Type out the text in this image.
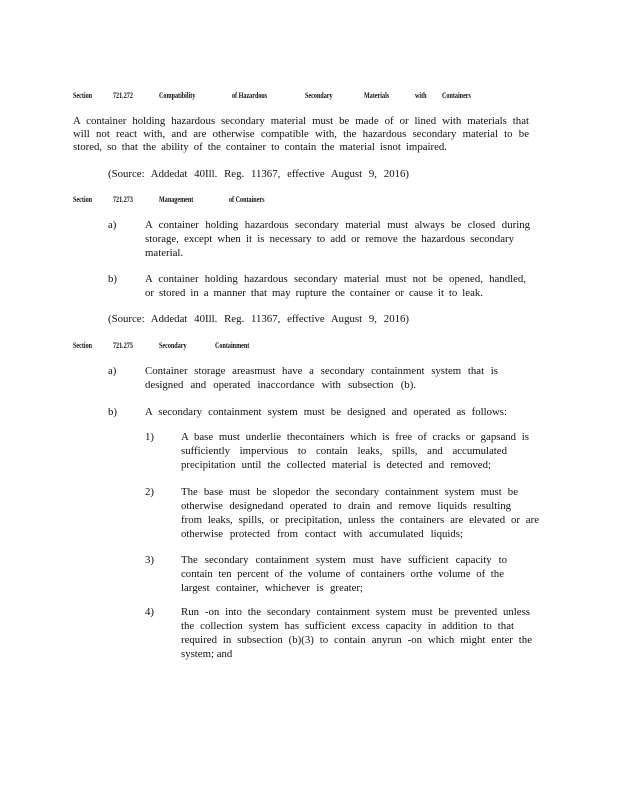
Section 721.272	Compatibility	of Hazardous	Secondary	Materials	with Containers
A container holding hazardous secondary material must be made of or lined with materials that
will not react with, and are otherwise compatible with, the hazardous secondary material to be
stored, so that the ability of the container to contain the material isnot impaired.
(Source: Addedat 40Ill. Reg. 11367, effective August 9, 2016)
Section 721.273	Management	of Containers
a)	A container holding hazardous secondary material must always be closed during
storage, except when it is necessary to add or remove the hazardous secondary
material.
b)	A container holding hazardous secondary material must not be opened, handled,
or stored in a manner that may rupture the container or cause it to leak.
(Source: Addedat 40Ill. Reg. 11367, effective August 9, 2016)
Section 721.275	Secondary	Containment
a)	Container storage areasmust have a secondary containment system that is
designed and operated inaccordance with subsection (b).
b)	A secondary containment system must be designed and operated as follows:
1)	A base must underlie thecontainers which is free of cracks or gapsand is
sufficiently impervious to contain leaks, spills, and accumulated
precipitation until the collected material is detected and removed;
2)	The base must be slopedor the secondary containment system must be
otherwise designedand operated to drain and remove liquids resulting
from leaks, spills, or precipitation, unless the containers are elevated or are
otherwise protected from contact with accumulated liquids;
3)	The secondary containment system must have sufficient capacity to
contain ten percent of the volume of containers orthe volume of the
largest container, whichever is greater;
4)	Run -on into the secondary containment system must be prevented unless
the collection system has sufficient excess capacity in addition to that
required in subsection (b)(3) to contain anyrun -on which might enter the
system; and
